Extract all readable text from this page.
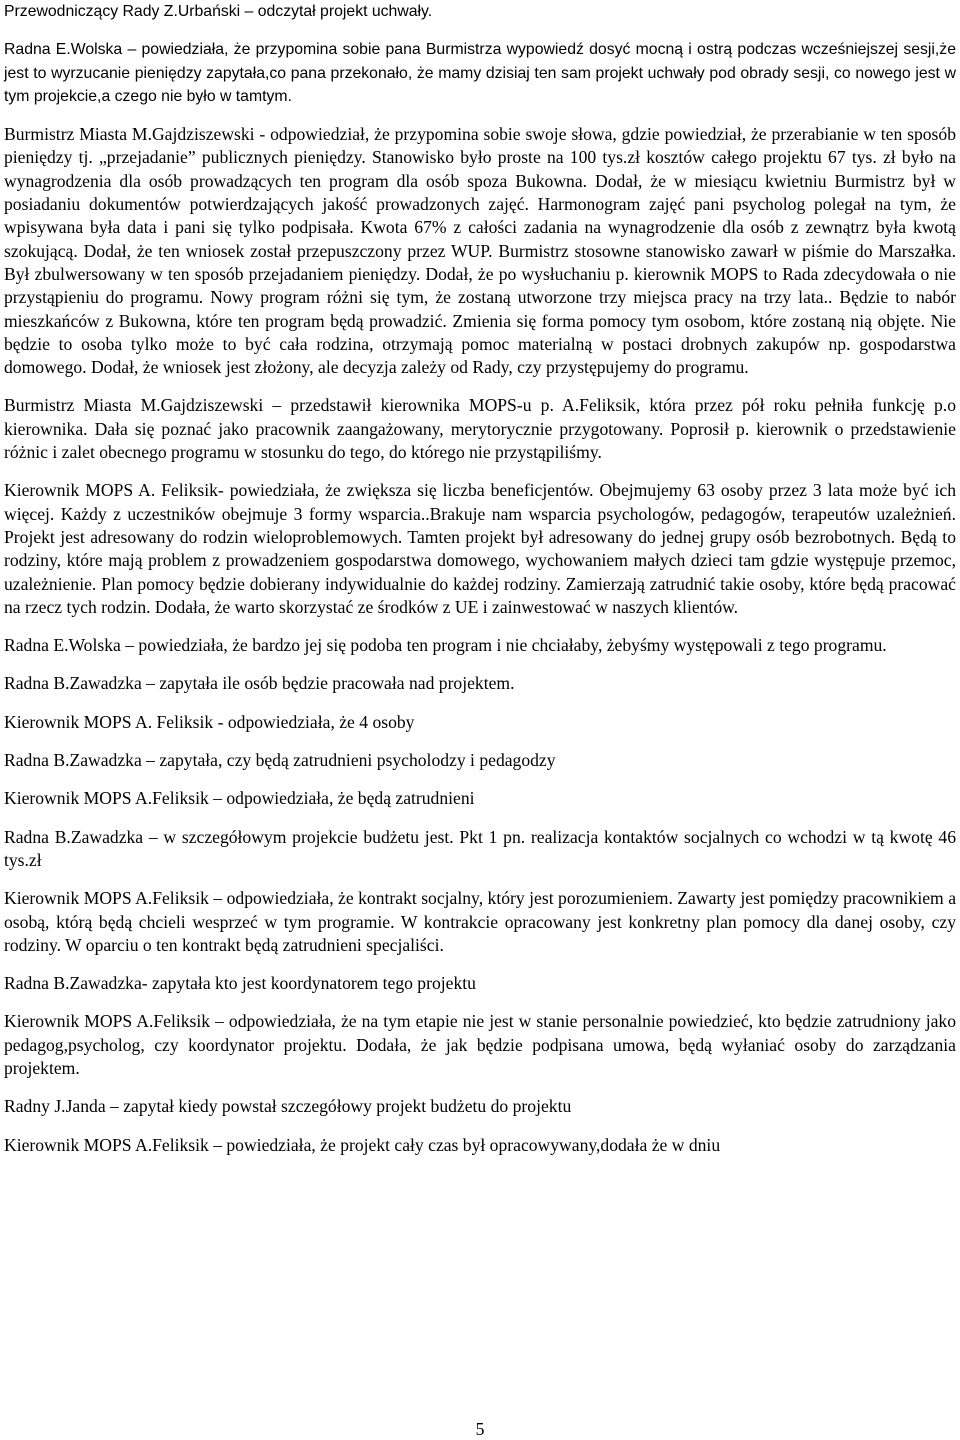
Przewodniczący Rady Z.Urbański – odczytał projekt uchwały.

Radna E.Wolska – powiedziała, że przypomina sobie pana Burmistrza wypowiedź dosyć mocną i ostrą podczas wcześniejszej sesji,że jest to wyrzucanie pieniędzy zapytała,co pana przekonało, że mamy dzisiaj ten sam projekt uchwały pod obrady sesji, co nowego jest w tym projekcie,a czego nie było w tamtym.

Burmistrz Miasta M.Gajdziszewski - odpowiedział, że przypomina sobie swoje słowa, gdzie powiedział, że przerabianie w ten sposób pieniędzy tj. „przejadanie” publicznych pieniędzy. Stanowisko było proste na 100 tys.zł kosztów całego projektu 67 tys. zł było na wynagrodzenia dla osób prowadzących ten program dla osób spoza Bukowna. Dodał, że w miesiącu kwietniu Burmistrz był w posiadaniu dokumentów potwierdzających jakość prowadzonych zajęć. Harmonogram zajęć pani psycholog polegał na tym, że wpisywana była data i pani się tylko podpisała. Kwota 67% z całości zadania na wynagrodzenie dla osób z zewnątrz była kwotą szokującą. Dodał, że ten wniosek został przepuszczony przez WUP. Burmistrz stosowne stanowisko zawarł w piśmie do Marszałka. Był zbulwersowany w ten sposób przejadaniem pieniędzy. Dodał, że po wysłuchaniu p. kierownik MOPS to Rada zdecydowała o nie przystąpieniu do programu. Nowy program różni się tym, że zostaną utworzone trzy miejsca pracy na trzy lata.. Będzie to nabór mieszkańców z Bukowna, które ten program będą prowadzić. Zmienia się forma pomocy tym osobom, które zostaną nią objęte. Nie będzie to osoba tylko może to być cała rodzina, otrzymają pomoc materialną w postaci drobnych zakupów np. gospodarstwa domowego. Dodał, że wniosek jest złożony, ale decyzja zależy od Rady, czy przystępujemy do programu.

Burmistrz Miasta M.Gajdziszewski – przedstawił kierownika MOPS-u p. A.Feliksik, która przez pół roku pełniła funkcję p.o kierownika. Dała się poznać jako pracownik zaangażowany, merytorycznie przygotowany. Poprosił p. kierownik o przedstawienie różnic i zalet obecnego programu w stosunku do tego, do którego nie przystąpiliśmy.

Kierownik MOPS A. Feliksik- powiedziała, że zwiększa się liczba beneficjentów. Obejmujemy 63 osoby przez 3 lata może być ich więcej. Każdy z uczestników obejmuje 3 formy wsparcia..Brakuje nam wsparcia psychologów, pedagogów, terapeutów uzależnień. Projekt jest adresowany do rodzin wieloproblemowych. Tamten projekt był adresowany do jednej grupy osób bezrobotnych. Będą to rodziny, które mają problem z prowadzeniem gospodarstwa domowego, wychowaniem małych dzieci tam gdzie występuje przemoc, uzależnienie. Plan pomocy będzie dobierany indywidualnie do każdej rodziny. Zamierzają zatrudnić takie osoby, które będą pracować na rzecz tych rodzin. Dodała, że warto skorzystać ze środków z UE i zainwestować w naszych klientów.

Radna E.Wolska – powiedziała, że bardzo jej się podoba ten program i nie chciałaby, żebyśmy występowali z tego programu.

Radna B.Zawadzka – zapytała ile osób będzie pracowała nad projektem.

Kierownik MOPS A. Feliksik - odpowiedziała, że 4 osoby

Radna B.Zawadzka – zapytała, czy będą zatrudnieni psycholodzy i pedagodzy

Kierownik MOPS A.Feliksik – odpowiedziała, że będą zatrudnieni

Radna B.Zawadzka – w szczegółowym projekcie budżetu jest. Pkt 1 pn. realizacja kontaktów socjalnych co wchodzi w tą kwotę 46 tys.zł

Kierownik MOPS A.Feliksik – odpowiedziała, że kontrakt socjalny, który jest porozumieniem. Zawarty jest pomiędzy pracownikiem a osobą, którą będą chcieli wesprzeć w tym programie. W kontrakcie opracowany jest konkretny plan pomocy dla danej osoby, czy rodziny. W oparciu o ten kontrakt będą zatrudnieni specjaliści.

Radna B.Zawadzka- zapytała kto jest koordynatorem tego projektu

Kierownik MOPS A.Feliksik – odpowiedziała, że na tym etapie nie jest w stanie personalnie powiedzieć, kto będzie zatrudniony jako pedagog,psycholog, czy koordynator projektu. Dodała, że jak będzie podpisana umowa, będą wyłaniać osoby do zarządzania projektem.

Radny J.Janda – zapytał kiedy powstał szczegółowy projekt budżetu do projektu

Kierownik MOPS A.Feliksik – powiedziała, że projekt cały czas był opracowywany,dodała że w dniu

5
